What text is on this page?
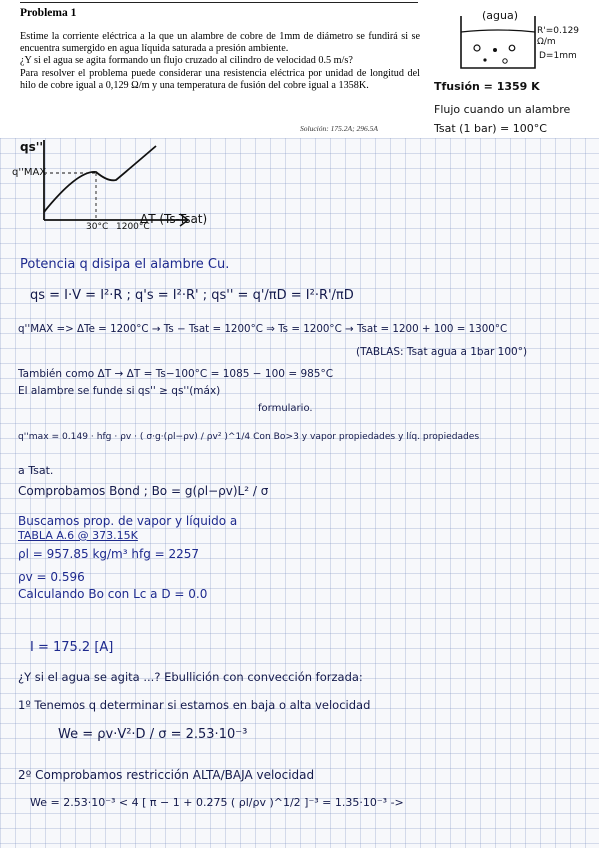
Problema 1

Estime la corriente eléctrica a la que un alambre de cobre de 1mm de diámetro se fundirá si se encuentra sumergido en agua líquida saturada a presión ambiente.

¿Y si el agua se agita formando un flujo cruzado al cilindro de velocidad 0.5 m/s?

Para resolver el problema puede considerar una resistencia eléctrica por unidad de longitud del hilo de cobre igual a 0,129 Ω/m y una temperatura de fusión del cobre igual a 1358K.

Solución: 175.2A; 296.5A
(agua)
R'=0.129 Ω/m
D=1mm
Tfusión = 1359 K
Flujo cuando un alambre
Tsat (1 bar) = 100°C
qs''
q''MAX
ΔT (Ts-Tsat)
30°C 1200°C
Potencia q disipa el alambre Cu.
qs = I·V = I²·R ; q's = I²·R' ; qs'' = q'/πD = I²·R'/πD
q''MAX => ΔTe = 1200°C → Ts − Tsat = 1200°C ⇒ Ts = 1200°C → Tsat = 1200 + 100 = 1300°C
(TABLAS: Tsat agua a 1bar 100°)
También como ΔT → ΔT = Ts−100°C = 1085 − 100 = 985°C
El alambre se funde si qs'' ≥ qs''(máx)
formulario.
q''max = 0.149 · hfg · ρv · ( σ·g·(ρl−ρv) / ρv² )^1/4 Con Bo>3 y vapor propiedades y líq. propiedades
a Tsat.
Comprobamos Bond ; Bo = g(ρl−ρv)L² / σ
Buscamos prop. de vapor y líquido a
TABLA A.6 @ 373.15K
ρl = 957.85 kg/m³ hfg = 2257
ρv = 0.596
Calculando Bo con Lc a D = 0.0
I = 175.2 [A]
¿Y si el agua se agita ...? Ebullición con convección forzada:
1º Tenemos q determinar si estamos en baja o alta velocidad
We = ρv·V²·D / σ = 2.53·10⁻³
2º Comprobamos restricción ALTA/BAJA velocidad
We = 2.53·10⁻³ < 4 [ π − 1 + 0.275 ( ρl/ρv )^1/2 ]⁻³ = 1.35·10⁻³ ->
